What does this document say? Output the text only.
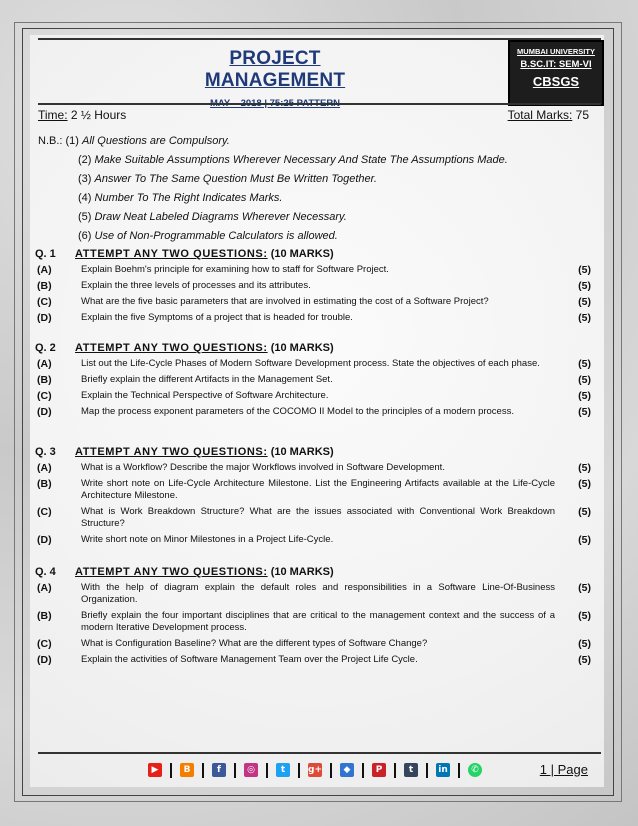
PROJECT MANAGEMENT
MAY – 2018 | 75:25 PATTERN
MUMBAI UNIVERSITY
B.SC.IT: SEM-VI
CBSGS
Time: 2 ½ Hours	Total Marks: 75
N.B.: (1) All Questions are Compulsory.
(2) Make Suitable Assumptions Wherever Necessary And State The Assumptions Made.
(3) Answer To The Same Question Must Be Written Together.
(4) Number To The Right Indicates Marks.
(5) Draw Neat Labeled Diagrams Wherever Necessary.
(6) Use of Non-Programmable Calculators is allowed.
Q. 1 ATTEMPT ANY TWO QUESTIONS: (10 MARKS)
(A)	Explain Boehm's principle for examining how to staff for Software Project.	(5)
(B)	Explain the three levels of processes and its attributes.	(5)
(C)	What are the five basic parameters that are involved in estimating the cost of a Software Project?	(5)
(D)	Explain the five Symptoms of a project that is headed for trouble.	(5)
Q. 2 ATTEMPT ANY TWO QUESTIONS: (10 MARKS)
(A)	List out the Life-Cycle Phases of Modern Software Development process. State the objectives of each phase.	(5)
(B)	Briefly explain the different Artifacts in the Management Set.	(5)
(C)	Explain the Technical Perspective of Software Architecture.	(5)
(D)	Map the process exponent parameters of the COCOMO II Model to the principles of a modern process.	(5)
Q. 3 ATTEMPT ANY TWO QUESTIONS: (10 MARKS)
(A)	What is a Workflow? Describe the major Workflows involved in Software Development.	(5)
(B)	Write short note on Life-Cycle Architecture Milestone. List the Engineering Artifacts available at the Life-Cycle Architecture Milestone.
(5)
(C)	What is Work Breakdown Structure? What are the issues associated with Conventional Work Breakdown Structure?
(5)
(D)	Write short note on Minor Milestones in a Project Life-Cycle.	(5)
Q. 4 ATTEMPT ANY TWO QUESTIONS: (10 MARKS)
(A)	With the help of diagram explain the default roles and responsibilities in a Software Line-Of-Business Organization.
(5)
(B)	Briefly explain the four important disciplines that are critical to the management context and the success of a modern Iterative Development process.
(5)
(C)	What is Configuration Baseline? What are the different types of Software Change?	(5)
(D)	Explain the activities of Software Management Team over the Project Life Cycle.	(5)
▶	B	f	◎	t	g+	◆	P	t	in	✆	1 | Page
